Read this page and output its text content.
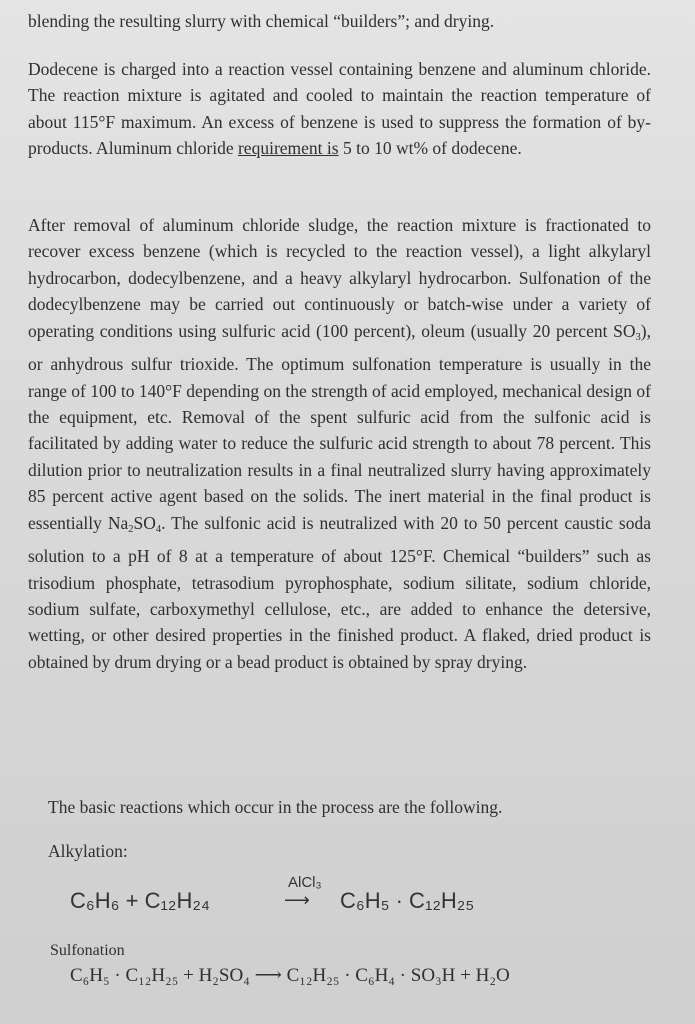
blending the resulting slurry with chemical “builders”; and drying.

Dodecene is charged into a reaction vessel containing benzene and aluminum chloride. The reaction mixture is agitated and cooled to maintain the reaction temperature of about 115°F maximum. An excess of benzene is used to suppress the formation of by-products. Aluminum chloride requirement is 5 to 10 wt% of dodecene.

After removal of aluminum chloride sludge, the reaction mixture is fractionated to recover excess benzene (which is recycled to the reaction vessel), a light alkylaryl hydrocarbon, dodecylbenzene, and a heavy alkylaryl hydrocarbon. Sulfonation of the dodecylbenzene may be carried out continuously or batch-wise under a variety of operating conditions using sulfuric acid (100 percent), oleum (usually 20 percent $SO_3$), or anhydrous sulfur trioxide. The optimum sulfonation temperature is usually in the range of 100 to 140°F depending on the strength of acid employed, mechanical design of the equipment, etc. Removal of the spent sulfuric acid from the sulfonic acid is facilitated by adding water to reduce the sulfuric acid strength to about 78 percent. This dilution prior to neutralization results in a final neutralized slurry having approximately 85 percent active agent based on the solids. The inert material in the final product is essentially $Na_2SO_4$. The sulfonic acid is neutralized with 20 to 50 percent caustic soda solution to a pH of 8 at a temperature of about 125°F. Chemical “builders” such as trisodium phosphate, tetrasodium pyrophosphate, sodium silitate, sodium chloride, sodium sulfate, carboxymethyl cellulose, etc., are added to enhance the detersive, wetting, or other desired properties in the finished product. A flaked, dried product is obtained by drum drying or a bead product is obtained by spray drying.

The basic reactions which occur in the process are the following.

Alkylation:

C₆H₆ + C₁₂H₂₄
AlCl₃
⟶ C₆H₅ · C₁₂H₂₅

Sulfonation

C₆H₅ · C₁₂H₂₅ + H₂SO₄ ⟶ C₁₂H₂₅ · C₆H₄ · SO₃H + H₂O
